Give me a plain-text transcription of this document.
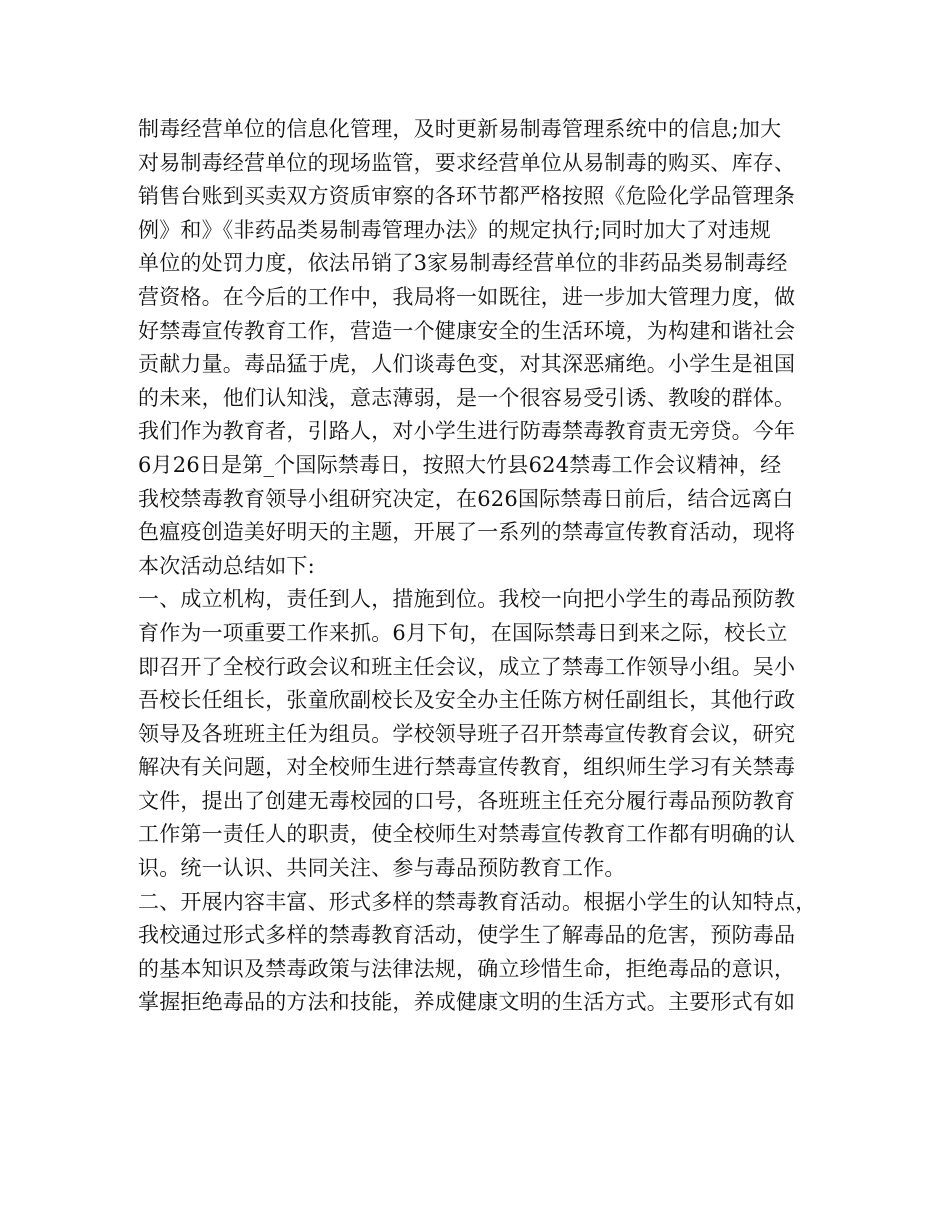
制毒经营单位的信息化管理，及时更新易制毒管理系统中的信息;加大
对易制毒经营单位的现场监管，要求经营单位从易制毒的购买、库存、
销售台账到买卖双方资质审察的各环节都严格按照《危险化学品管理条
例》和》《非药品类易制毒管理办法》的规定执行;同时加大了对违规
单位的处罚力度，依法吊销了3家易制毒经营单位的非药品类易制毒经
营资格。在今后的工作中，我局将一如既往，进一步加大管理力度，做
好禁毒宣传教育工作，营造一个健康安全的生活环境，为构建和谐社会
贡献力量。毒品猛于虎，人们谈毒色变，对其深恶痛绝。小学生是祖国
的未来，他们认知浅，意志薄弱，是一个很容易受引诱、教唆的群体。
我们作为教育者，引路人，对小学生进行防毒禁毒教育责无旁贷。今年
6月26日是第_个国际禁毒日，按照大竹县624禁毒工作会议精神，经
我校禁毒教育领导小组研究决定，在626国际禁毒日前后，结合远离白
色瘟疫创造美好明天的主题，开展了一系列的禁毒宣传教育活动，现将
本次活动总结如下:
一、成立机构，责任到人，措施到位。我校一向把小学生的毒品预防教
育作为一项重要工作来抓。6月下旬，在国际禁毒日到来之际，校长立
即召开了全校行政会议和班主任会议，成立了禁毒工作领导小组。吴小
吾校长任组长，张童欣副校长及安全办主任陈方树任副组长，其他行政
领导及各班班主任为组员。学校领导班子召开禁毒宣传教育会议，研究
解决有关问题，对全校师生进行禁毒宣传教育，组织师生学习有关禁毒
文件，提出了创建无毒校园的口号，各班班主任充分履行毒品预防教育
工作第一责任人的职责，使全校师生对禁毒宣传教育工作都有明确的认
识。统一认识、共同关注、参与毒品预防教育工作。
二、开展内容丰富、形式多样的禁毒教育活动。根据小学生的认知特点，
我校通过形式多样的禁毒教育活动，使学生了解毒品的危害，预防毒品
的基本知识及禁毒政策与法律法规，确立珍惜生命，拒绝毒品的意识，
掌握拒绝毒品的方法和技能，养成健康文明的生活方式。主要形式有如
